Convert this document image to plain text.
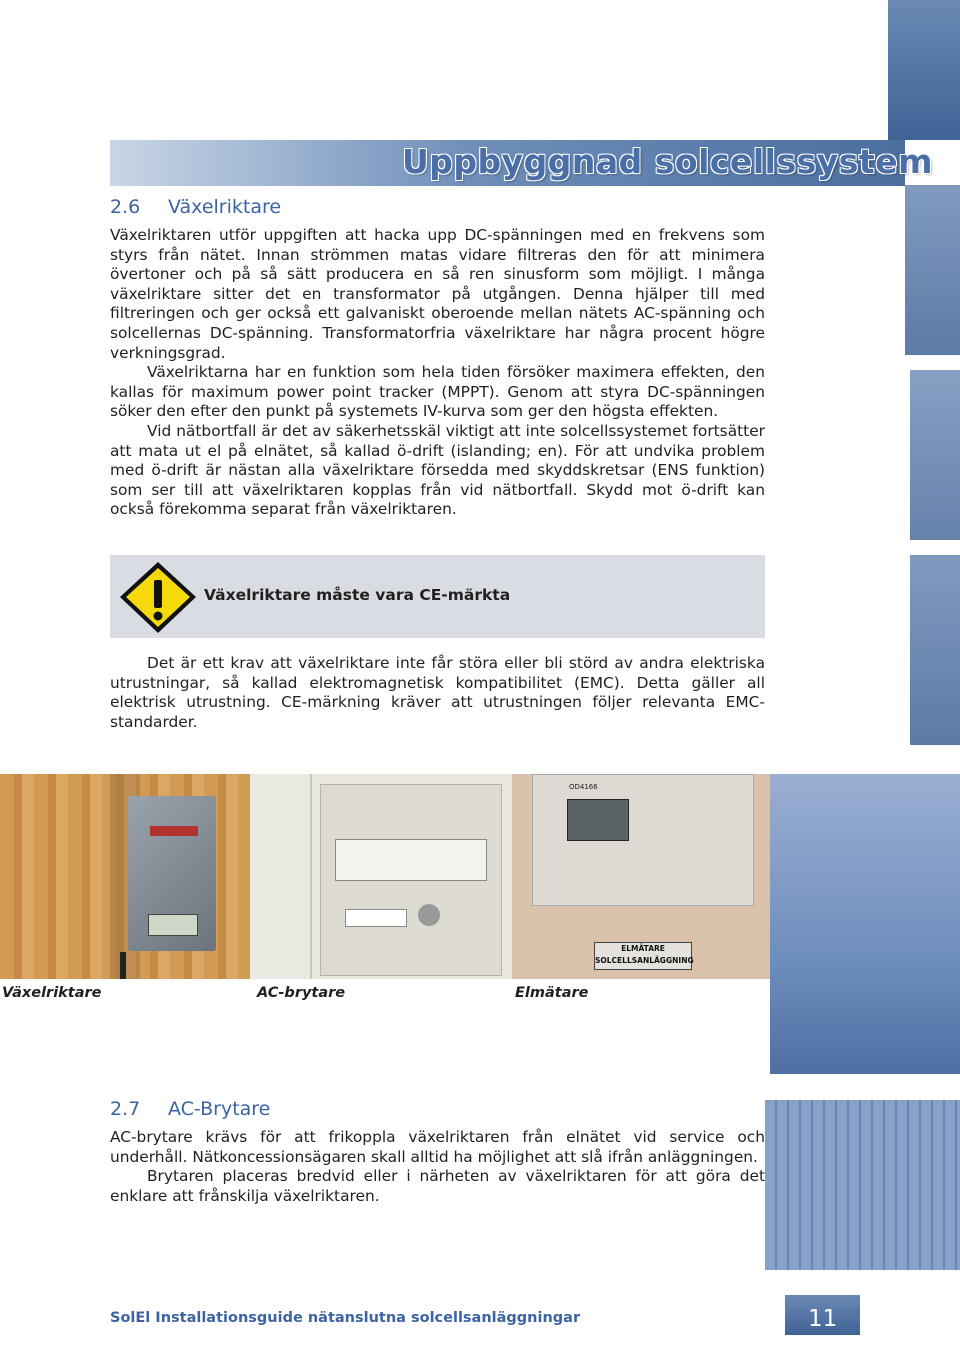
Uppbyggnad solcellssystem
2.6 Växelriktare

Växelriktaren utför uppgiften att hacka upp DC-spänningen med en frekvens som styrs från nätet. Innan strömmen matas vidare filtreras den för att minimera övertoner och på så sätt producera en så ren sinusform som möjligt. I många växelriktare sitter det en transformator på utgången. Denna hjälper till med filtreringen och ger också ett galvaniskt oberoende mellan nätets AC-spänning och solcellernas DC-spänning. Transformatorfria växelriktare har några procent högre verkningsgrad.

Växelriktarna har en funktion som hela tiden försöker maximera effekten, den kallas för maximum power point tracker (MPPT). Genom att styra DC-spänningen söker den efter den punkt på systemets IV-kurva som ger den högsta effekten.

Vid nätbortfall är det av säkerhetsskäl viktigt att inte solcellssystemet fortsätter att mata ut el på elnätet, så kallad ö-drift (islanding; en). För att undvika problem med ö-drift är nästan alla växelriktare försedda med skyddskretsar (ENS funktion) som ser till att växelriktaren kopplas från vid nätbortfall. Skydd mot ö-drift kan också förekomma separat från växelriktaren.

Växelriktare måste vara CE-märkta

Det är ett krav att växelriktare inte får störa eller bli störd av andra elektriska utrustningar, så kallad elektromagnetisk kompatibilitet (EMC). Detta gäller all elektrisk utrustning. CE-märkning kräver att utrustningen följer relevanta EMC-standarder.

OD4166
ELMÄTARE
SOLCELLSANLÄGGNING
Växelriktare	AC-brytare	Elmätare
2.7 AC-Brytare

AC-brytare krävs för att frikoppla växelriktaren från elnätet vid service och underhåll. Nätkoncessionsägaren skall alltid ha möjlighet att slå ifrån anläggningen.

Brytaren placeras bredvid eller i närheten av växelriktaren för att göra det enklare att frånskilja växelriktaren.

SolEl Installationsguide nätanslutna solcellsanläggningar	11
